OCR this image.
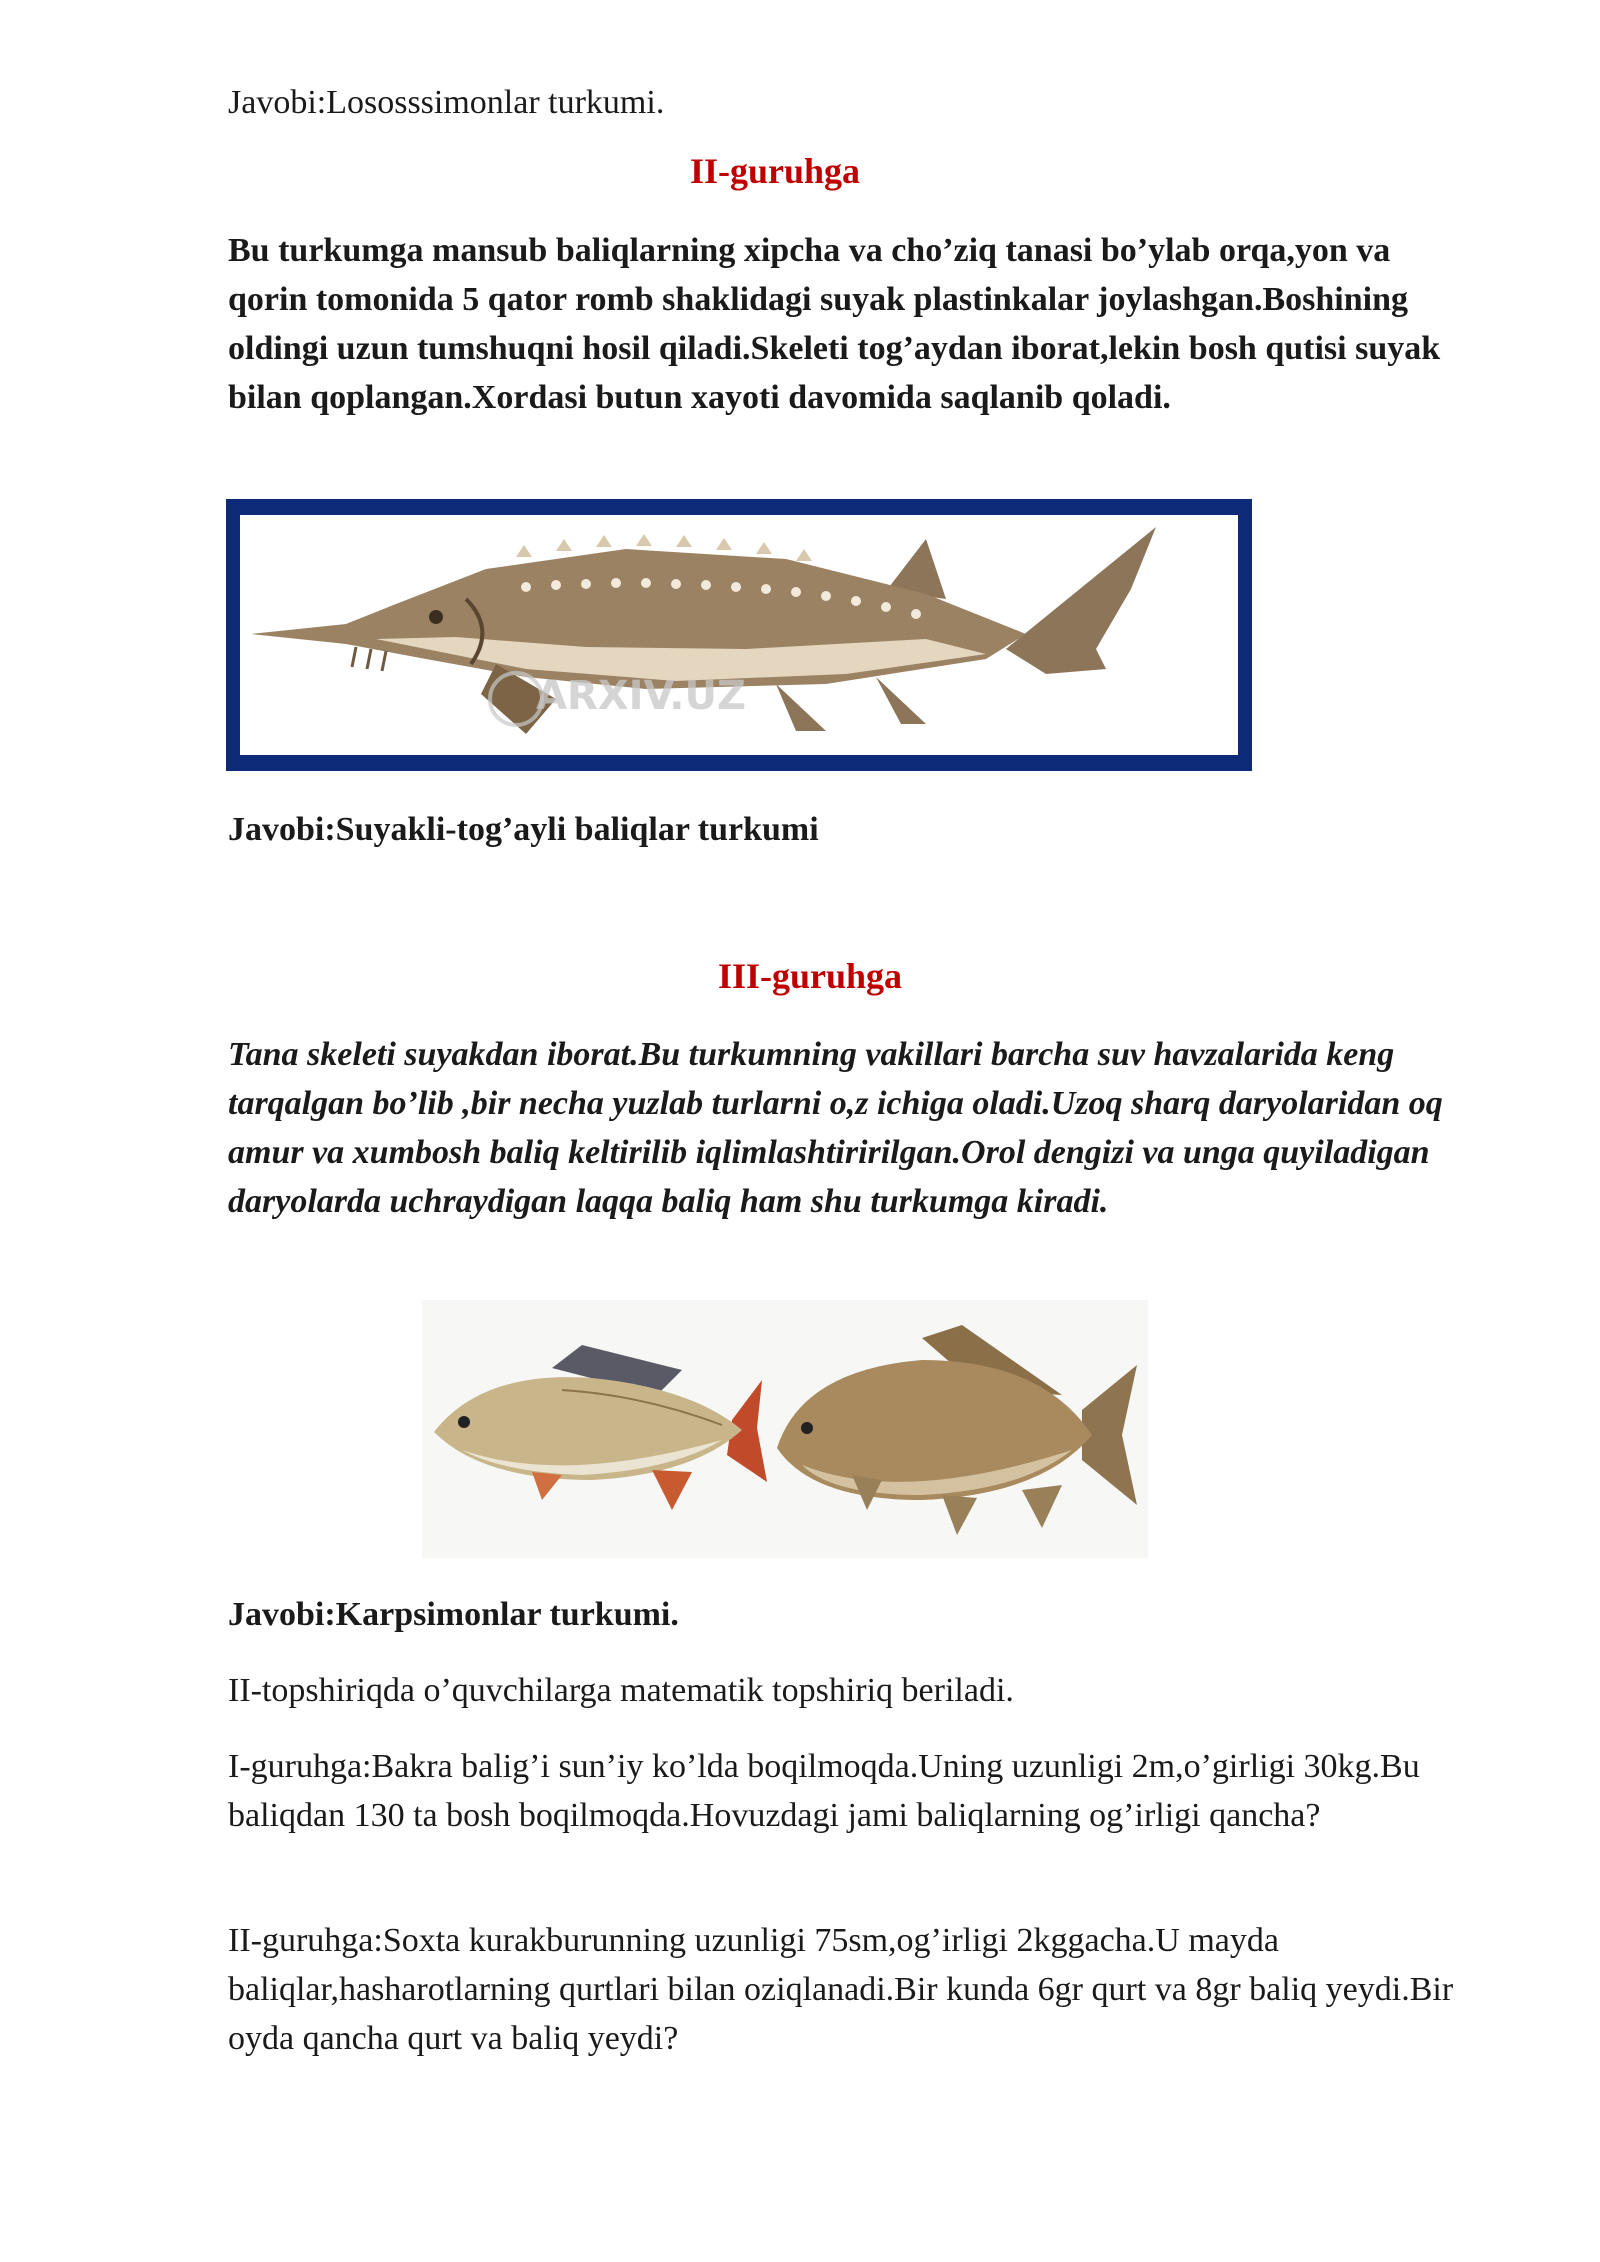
Javobi:Lososssimonlar turkumi.

II-guruhga

Bu turkumga mansub baliqlarning xipcha va cho’ziq tanasi bo’ylab orqa,yon va qorin tomonida 5 qator romb shaklidagi suyak plastinkalar joylashgan.Boshining oldingi uzun tumshuqni hosil qiladi.Skeleti tog’aydan iborat,lekin bosh qutisi suyak bilan qoplangan.Xordasi butun xayoti davomida saqlanib qoladi.

ARXIV.UZ

Javobi:Suyakli-tog’ayli baliqlar turkumi

III-guruhga

Tana skeleti suyakdan iborat.Bu turkumning vakillari barcha suv havzalarida keng tarqalgan bo’lib ,bir necha yuzlab turlarni o,z ichiga oladi.Uzoq sharq daryolaridan oq amur va xumbosh baliq keltirilib iqlimlashtiririlgan.Orol dengizi va unga quyiladigan daryolarda uchraydigan laqqa baliq ham shu turkumga kiradi.

Javobi:Karpsimonlar turkumi.

II-topshiriqda o’quvchilarga matematik topshiriq beriladi.

I-guruhga:Bakra balig’i sun’iy ko’lda boqilmoqda.Uning uzunligi 2m,o’girligi 30kg.Bu baliqdan 130 ta bosh boqilmoqda.Hovuzdagi jami baliqlarning og’irligi qancha?

II-guruhga:Soxta kurakburunning uzunligi 75sm,og’irligi 2kggacha.U mayda baliqlar,hasharotlarning qurtlari bilan oziqlanadi.Bir kunda 6gr qurt va 8gr baliq yeydi.Bir oyda qancha qurt va baliq yeydi?
